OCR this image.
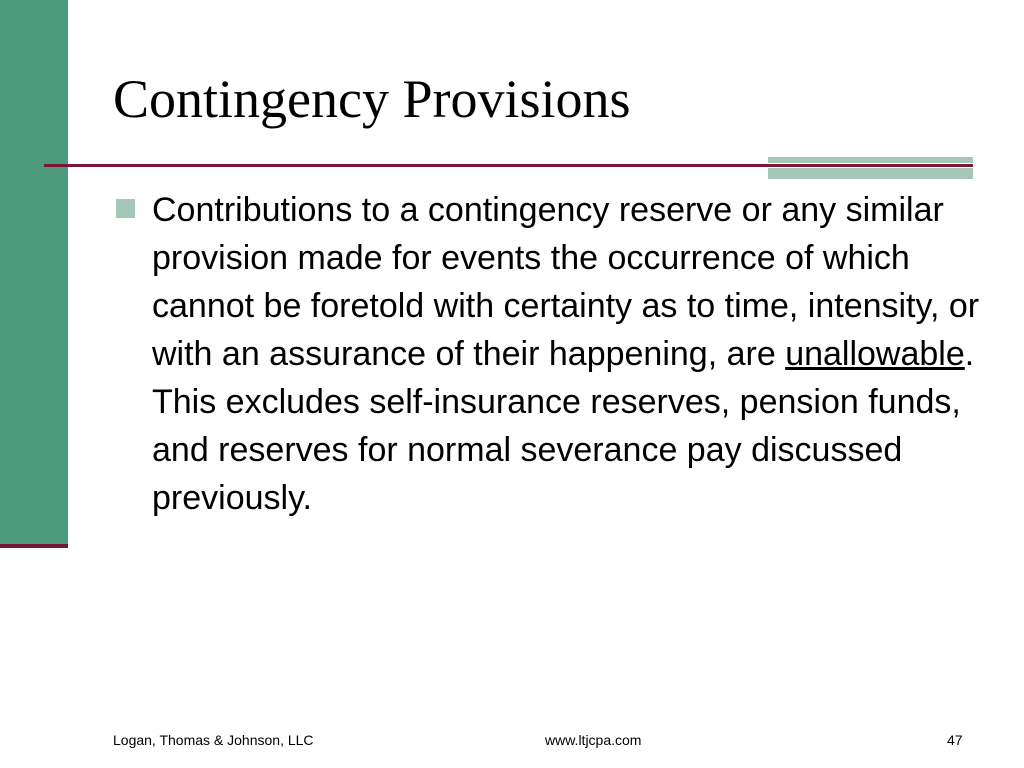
Contingency Provisions

Contributions to a contingency reserve or any similar provision made for events the occurrence of which cannot be foretold with certainty as to time, intensity, or with an assurance of their happening, are unallowable. This excludes self-insurance reserves, pension funds, and reserves for normal severance pay discussed previously.

Logan, Thomas & Johnson, LLC	www.ltjcpa.com	47
